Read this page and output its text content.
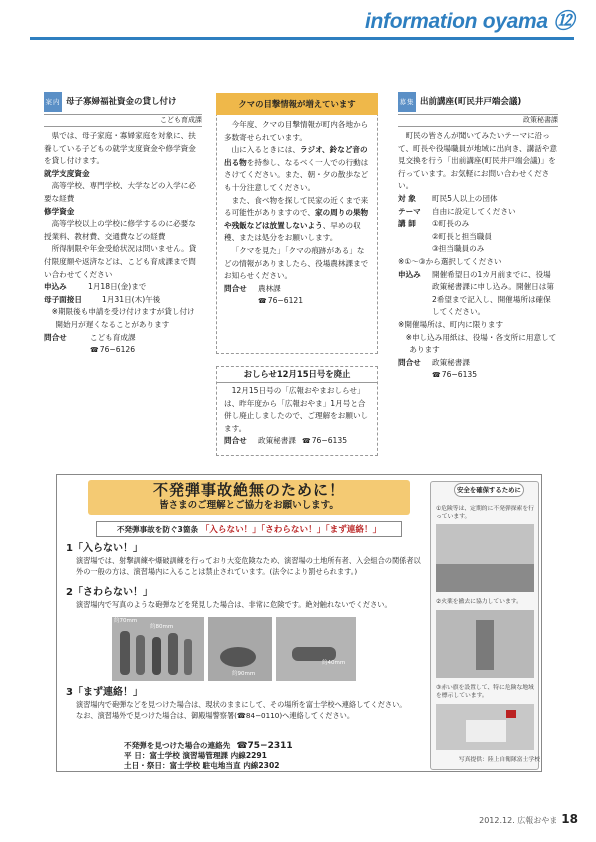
information oyama ⑫
案内 母子寡婦福祉資金の貸し付け
こども育成課
県では、母子家庭・寡婦家庭を対象に、扶養している子どもの就学支度資金や修学資金を貸し付けます。
就学支度資金
高等学校、専門学校、大学などの入学に必要な経費
修学資金
高等学校以上の学校に修学するのに必要な授業料、教材費、交通費などの経費
所得制限や年金受給状況は問いません。貸付限度額や返済などは、こども育成課まで問い合わせてください
申込み	1月18日(金)まで
母子面接日	1月31日(木)午後
※期限後も申請を受け付けますが貸し付け開始月が遅くなることがあります
問合せ	こども育成課
☎ 76−6126
クマの目撃情報が増えています
今年度、クマの目撃情報が町内各地から多数寄せられています。
山に入るときには、ラジオ、鈴など音の出る物を持参し、なるべく一人での行動はさけてください。また、朝・夕の散歩なども十分注意してください。
また、食べ物を探して民家の近くまで来る可能性がありますので、家の周りの果物や残飯などは放置しないよう、早めの収穫、または処分をお願いします。
「クマを見た」「クマの痕跡がある」などの情報がありましたら、役場農林課までお知らせください。
問合せ	農林課
☎ 76−6121
おしらせ12月15日号を廃止
12月15日号の「広報おやまおしらせ」は、昨年度から「広報おやま」1月号と合併し廃止しましたので、ご理解をお願いします。
問合せ	政策秘書課
☎	76−6135
募集 出前講座(町民井戸端会議)
政策秘書課
町民の皆さんが聞いてみたいテーマに沿って、町長や役場職員が地域に出向き、講話や意見交換を行う「出前講座(町民井戸端会議)」を行っています。お気軽にお問い合わせください。
対 象	町民5人以上の団体
テーマ	自由に設定してください
講 師	①町長のみ
②町長と担当職員
③担当職員のみ
※①〜③から選択してください
申込み	開催希望日の1カ月前までに、役場政策秘書課に申し込み。開催日は第2希望まで記入し、開催場所は確保してください。
※開催場所は、町内に限ります
※申し込み用紙は、役場・各支所に用意してあります
問合せ	政策秘書課
☎ 76−6135
不発弾事故絶無のために！
皆さまのご理解とご協力をお願いします。
不発弾事故を防ぐ3箇条 「入らない！」「さわらない！」「まず連絡！」
1「入らない！」
演習場では、射撃訓練や爆破訓練を行っており大変危険なため、演習場の土地所有者、入会組合の関係者以外の一般の方は、演習場内に入ることは禁止されています。(法令により罰せられます。)
2「さわらない！」
演習場内で写真のような砲弾などを発見した場合は、非常に危険です。絶対触れないでください。
約70mm
約80mm
約90mm
約40mm
3「まず連絡！」
演習場内で砲弾などを見つけた場合は、現状のままにして、その場所を富士学校へ連絡してください。
なお、演習場外で見つけた場合は、御殿場警察署(☎84−0110)へ連絡してください。
不発弾を見つけた場合の連絡先 ☎75−2311
平 日：富士学校 演習場管理課 内線2291
土日・祭日：富士学校 駐屯地当直 内線2302
安全を確保するために
①危険等は、定期的に不発弾探索を行っています。
②火薬を撤去に協力しています。
③赤い旗を設置して、特に危険な地域を標示しています。
写真提供：陸上自衛隊富士学校
2012.12. 広報おやま 18
